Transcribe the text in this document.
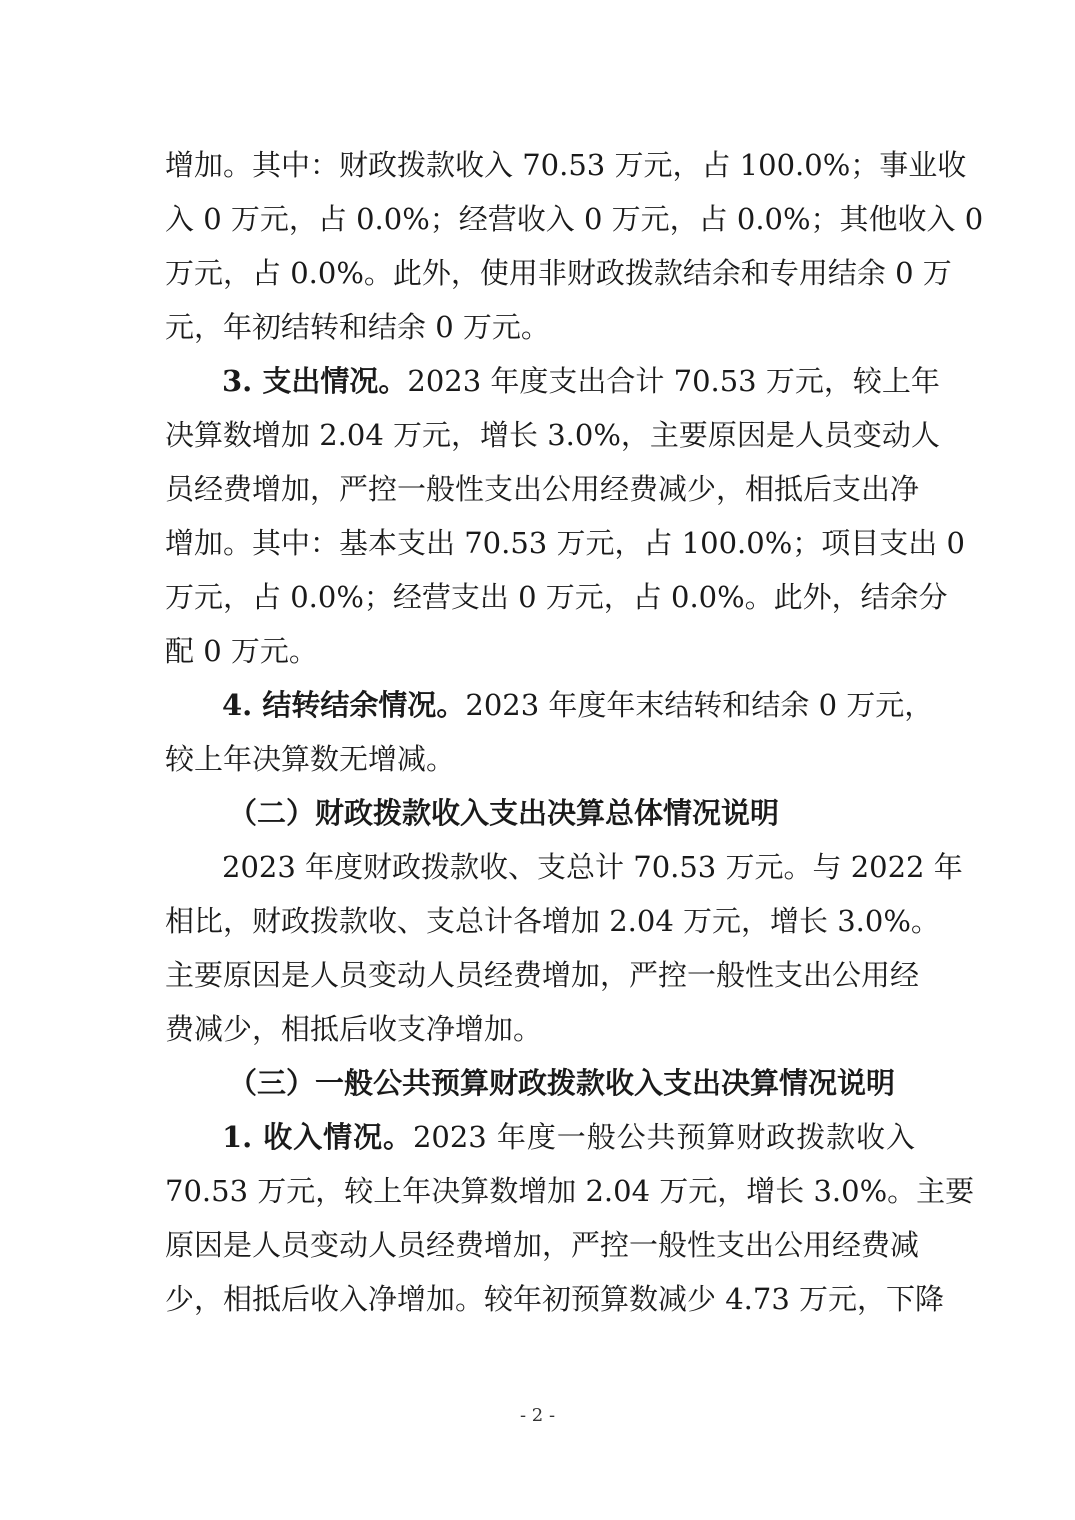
增加。其中：财政拨款收入 70.53 万元，占 100.0%；事业收
入 0 万元，占 0.0%；经营收入 0 万元，占 0.0%；其他收入 0
万元，占 0.0%。此外，使用非财政拨款结余和专用结余 0 万
元，年初结转和结余 0 万元。
3. 支出情况。2023 年度支出合计 70.53 万元，较上年
决算数增加 2.04 万元，增长 3.0%，主要原因是人员变动人
员经费增加，严控一般性支出公用经费减少，相抵后支出净
增加。其中：基本支出 70.53 万元，占 100.0%；项目支出 0
万元，占 0.0%；经营支出 0 万元，占 0.0%。此外，结余分
配 0 万元。
4. 结转结余情况。2023 年度年末结转和结余 0 万元，
较上年决算数无增减。
（二）财政拨款收入支出决算总体情况说明
2023 年度财政拨款收、支总计 70.53 万元。与 2022 年
相比，财政拨款收、支总计各增加 2.04 万元，增长 3.0%。
主要原因是人员变动人员经费增加，严控一般性支出公用经
费减少，相抵后收支净增加。
（三）一般公共预算财政拨款收入支出决算情况说明
1. 收入情况。2023 年度一般公共预算财政拨款收入
70.53 万元，较上年决算数增加 2.04 万元，增长 3.0%。主要
原因是人员变动人员经费增加，严控一般性支出公用经费减
少，相抵后收入净增加。较年初预算数减少 4.73 万元，下降
- 2 -
